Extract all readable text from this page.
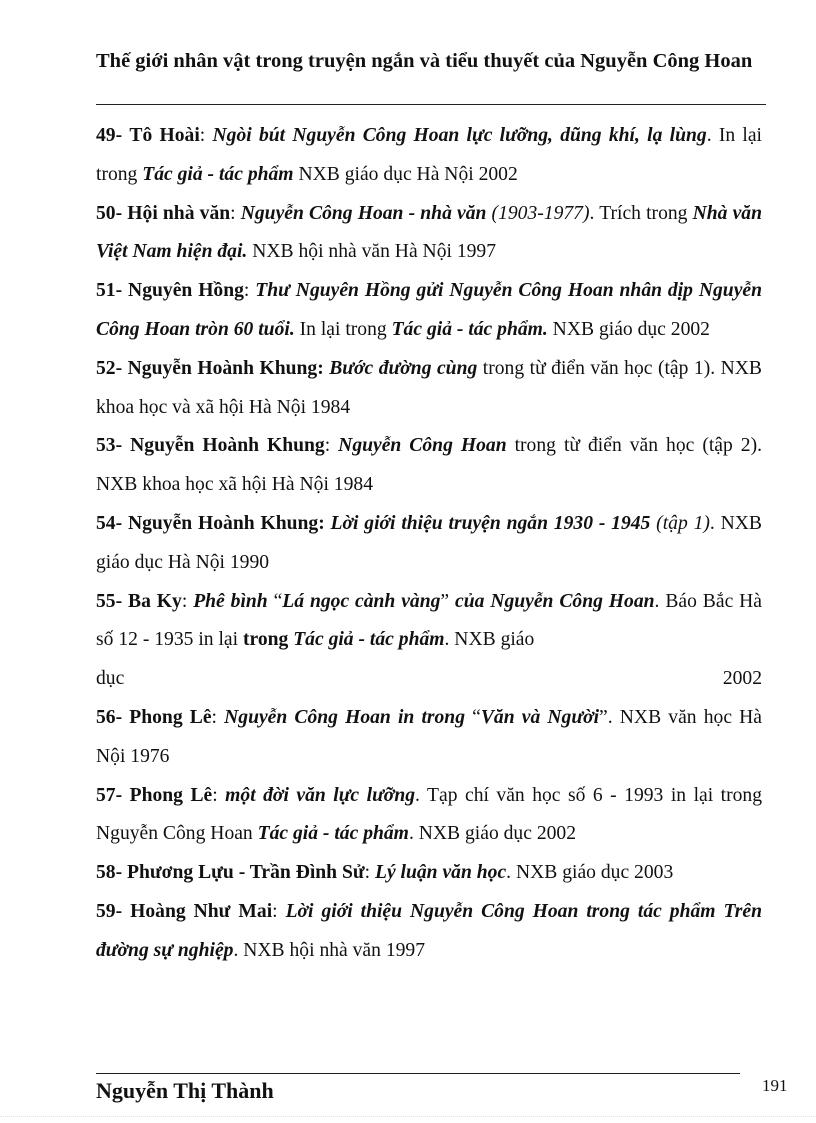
Thế giới nhân vật trong truyện ngắn và tiểu thuyết của Nguyễn Công Hoan

49- Tô Hoài: Ngòi bút Nguyễn Công Hoan lực lưỡng, dũng khí, lạ lùng. In lại trong Tác giả - tác phẩm NXB giáo dục Hà Nội 2002

50- Hội nhà văn: Nguyễn Công Hoan - nhà văn (1903-1977). Trích trong Nhà văn Việt Nam hiện đại. NXB hội nhà văn Hà Nội 1997

51- Nguyên Hồng: Thư Nguyên Hồng gửi Nguyễn Công Hoan nhân dịp Nguyễn Công Hoan tròn 60 tuổi. In lại trong Tác giả - tác phẩm. NXB giáo dục 2002

52- Nguyễn Hoành Khung: Bước đường cùng trong từ điển văn học (tập 1). NXB khoa học và xã hội Hà Nội 1984

53- Nguyễn Hoành Khung: Nguyễn Công Hoan trong từ điển văn học (tập 2). NXB khoa học xã hội Hà Nội 1984

54- Nguyễn Hoành Khung: Lời giới thiệu truyện ngắn 1930 - 1945 (tập 1). NXB giáo dục Hà Nội 1990

55- Ba Ky: Phê bình “Lá ngọc cành vàng” của Nguyễn Công Hoan. Báo Bắc Hà số 12 - 1935 in lại trong Tác giả - tác phẩm. NXB giáo
dục	2002

56- Phong Lê: Nguyễn Công Hoan in trong “Văn và Người”. NXB văn học Hà Nội 1976

57- Phong Lê: một đời văn lực lưỡng. Tạp chí văn học số 6 - 1993 in lại trong Nguyễn Công Hoan Tác giả - tác phẩm. NXB giáo dục 2002

58- Phương Lựu - Trần Đình Sử: Lý luận văn học. NXB giáo dục 2003

59- Hoàng Như Mai: Lời giới thiệu Nguyễn Công Hoan trong tác phẩm Trên đường sự nghiệp. NXB hội nhà văn 1997

Nguyễn Thị Thành	191
